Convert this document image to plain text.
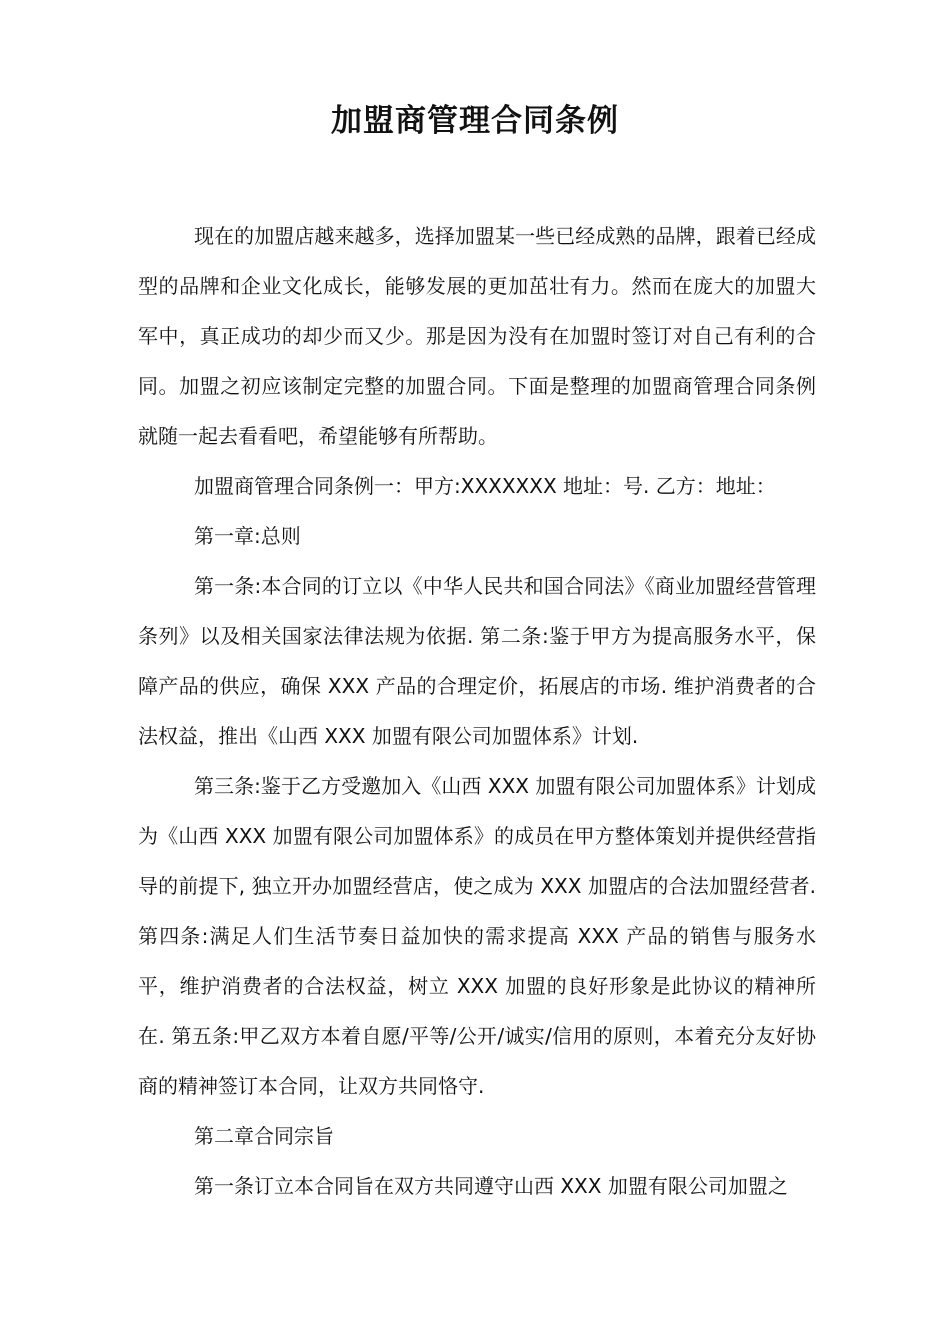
加盟商管理合同条例

现在的加盟店越来越多，选择加盟某一些已经成熟的品牌，跟着已经成型的品牌和企业文化成长，能够发展的更加茁壮有力。然而在庞大的加盟大军中，真正成功的却少而又少。那是因为没有在加盟时签订对自己有利的合同。加盟之初应该制定完整的加盟合同。下面是整理的加盟商管理合同条例就随一起去看看吧，希望能够有所帮助。

加盟商管理合同条例一：甲方:XXXXXXX 地址：号. 乙方：地址：

第一章:总则

第一条:本合同的订立以《中华人民共和国合同法》《商业加盟经营管理条列》以及相关国家法律法规为依据. 第二条:鉴于甲方为提高服务水平，保障产品的供应，确保 XXX 产品的合理定价，拓展店的市场. 维护消费者的合法权益，推出《山西 XXX 加盟有限公司加盟体系》计划.

第三条:鉴于乙方受邀加入《山西 XXX 加盟有限公司加盟体系》计划成为《山西 XXX 加盟有限公司加盟体系》的成员在甲方整体策划并提供经营指导的前提下, 独立开办加盟经营店，使之成为 XXX 加盟店的合法加盟经营者. 第四条:满足人们生活节奏日益加快的需求提高 XXX 产品的销售与服务水平，维护消费者的合法权益，树立 XXX 加盟的良好形象是此协议的精神所在. 第五条:甲乙双方本着自愿/平等/公开/诚实/信用的原则，本着充分友好协商的精神签订本合同，让双方共同恪守.

第二章合同宗旨

第一条订立本合同旨在双方共同遵守山西 XXX 加盟有限公司加盟之
